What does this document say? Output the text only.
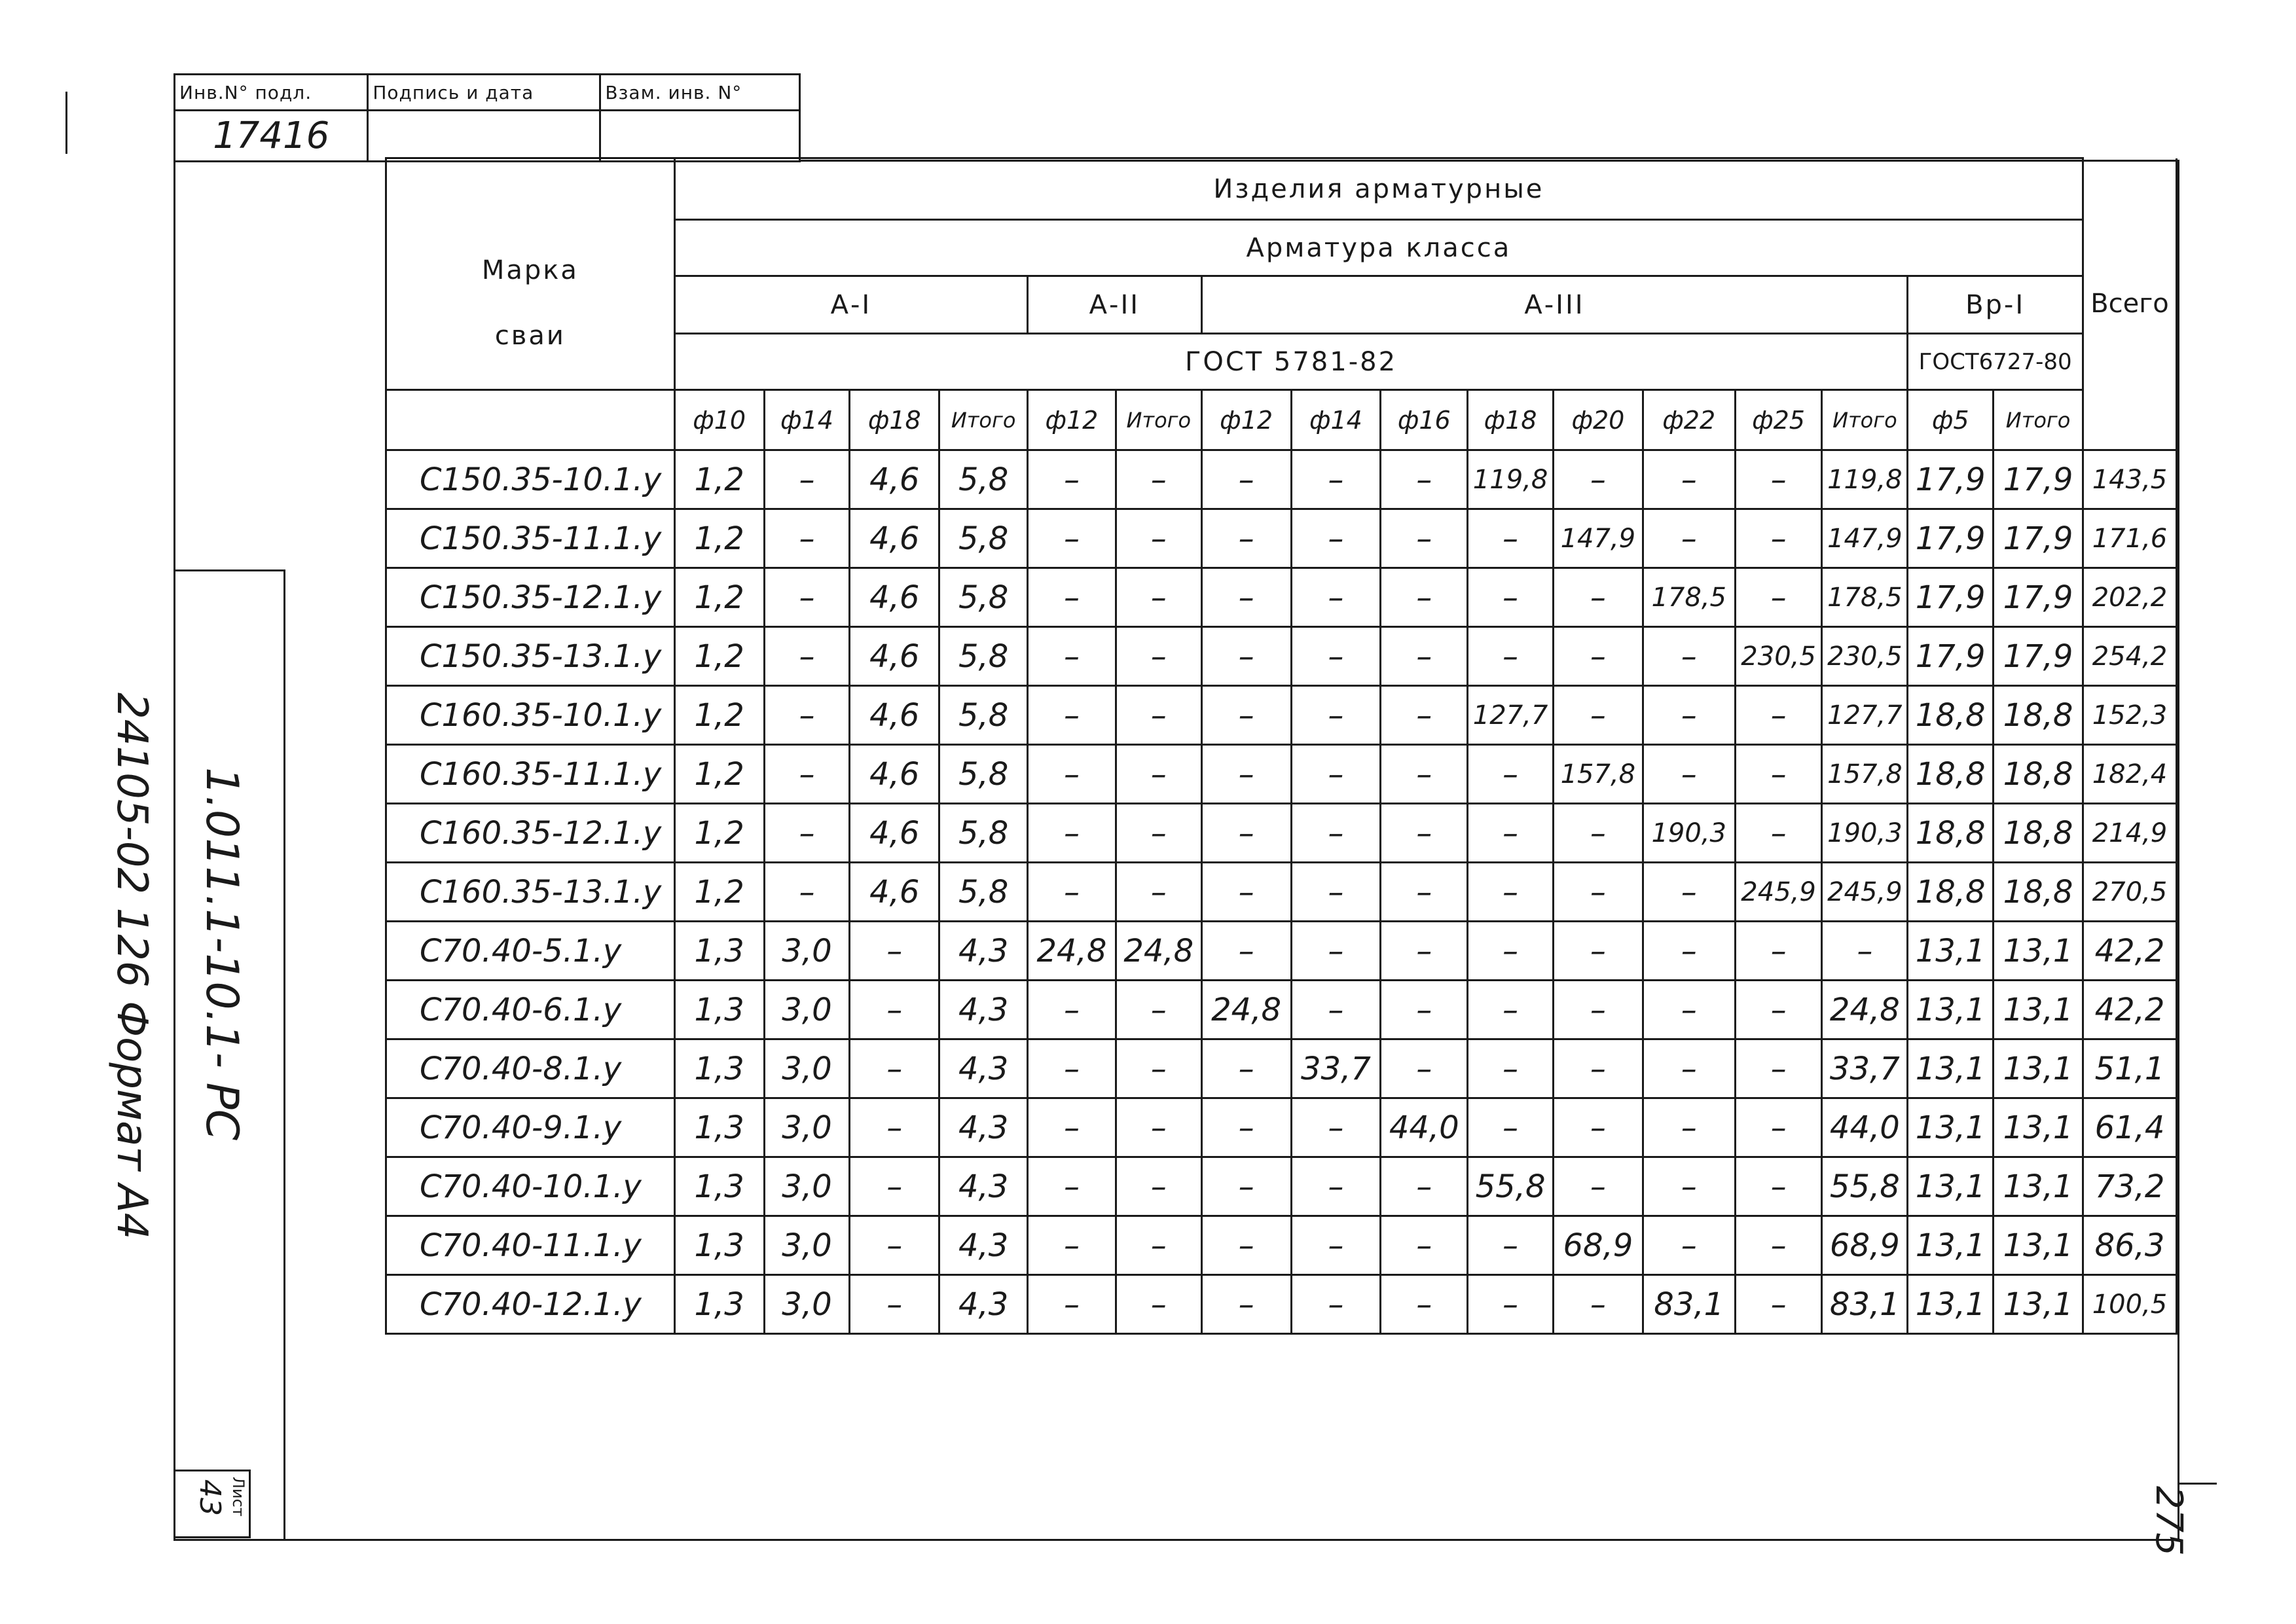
Инв.N° подл.	Подпись и дата	Взам. инв. N°
17416		
24105-02 126 Формат А4 1.011.1-10.1- РС
43 Лист	275
Марка
сваи	Изделия арматурные																Всего
	Арматура класса																
	А-I				А-II		А-III								Вр-I		
	ГОСТ 5781-82														ГОСТ6727-80		
	ф10	ф14	ф18	Итого	ф12	Итого	ф12	ф14	ф16	ф18	ф20	ф22	ф25	Итого	ф5	Итого	
С150.35-10.1.у	1,2	–	4,6	5,8	–	–	–	–	–	119,8	–	–	–	119,8	17,9	17,9	143,5
С150.35-11.1.у	1,2	–	4,6	5,8	–	–	–	–	–	–	147,9	–	–	147,9	17,9	17,9	171,6
С150.35-12.1.у	1,2	–	4,6	5,8	–	–	–	–	–	–	–	178,5	–	178,5	17,9	17,9	202,2
С150.35-13.1.у	1,2	–	4,6	5,8	–	–	–	–	–	–	–	–	230,5	230,5	17,9	17,9	254,2
С160.35-10.1.у	1,2	–	4,6	5,8	–	–	–	–	–	127,7	–	–	–	127,7	18,8	18,8	152,3
С160.35-11.1.у	1,2	–	4,6	5,8	–	–	–	–	–	–	157,8	–	–	157,8	18,8	18,8	182,4
С160.35-12.1.у	1,2	–	4,6	5,8	–	–	–	–	–	–	–	190,3	–	190,3	18,8	18,8	214,9
С160.35-13.1.у	1,2	–	4,6	5,8	–	–	–	–	–	–	–	–	245,9	245,9	18,8	18,8	270,5
С70.40-5.1.у	1,3	3,0	–	4,3	24,8	24,8	–	–	–	–	–	–	–	–	13,1	13,1	42,2
С70.40-6.1.у	1,3	3,0	–	4,3	–	–	24,8	–	–	–	–	–	–	24,8	13,1	13,1	42,2
С70.40-8.1.у	1,3	3,0	–	4,3	–	–	–	33,7	–	–	–	–	–	33,7	13,1	13,1	51,1
С70.40-9.1.у	1,3	3,0	–	4,3	–	–	–	–	44,0	–	–	–	–	44,0	13,1	13,1	61,4
С70.40-10.1.у	1,3	3,0	–	4,3	–	–	–	–	–	55,8	–	–	–	55,8	13,1	13,1	73,2
С70.40-11.1.у	1,3	3,0	–	4,3	–	–	–	–	–	–	68,9	–	–	68,9	13,1	13,1	86,3
С70.40-12.1.у	1,3	3,0	–	4,3	–	–	–	–	–	–	–	83,1	–	83,1	13,1	13,1	100,5
